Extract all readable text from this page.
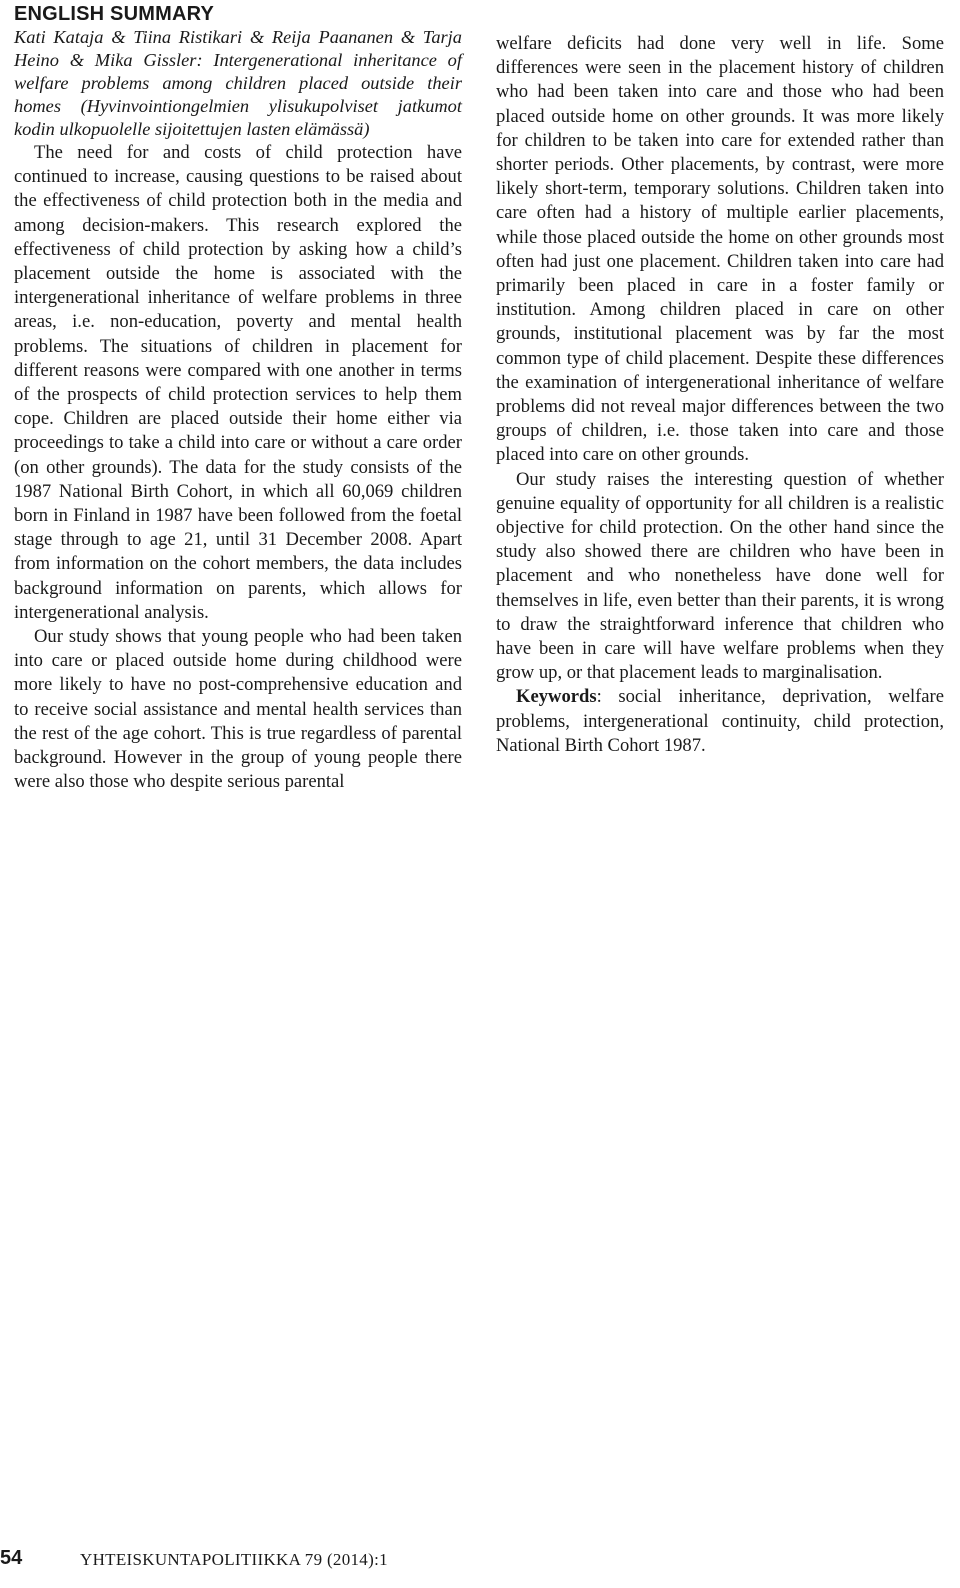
ENGLISH SUMMARY

Kati Kataja & Tiina Ristikari & Reija Paananen & Tarja Heino & Mika Gissler: Intergenerational inheritance of welfare problems among children placed outside their homes (Hyvinvointiongelmien ylisukupolviset jatkumot kodin ulkopuolelle sijoitettujen lasten elämässä)

The need for and costs of child protection have continued to increase, causing questions to be raised about the effectiveness of child protection both in the media and among decision-makers. This research explored the effectiveness of child protection by asking how a child’s placement outside the home is associated with the intergenerational inheritance of welfare problems in three areas, i.e. non-education, poverty and mental health problems. The situations of children in placement for different reasons were compared with one another in terms of the prospects of child protection services to help them cope. Children are placed outside their home either via proceedings to take a child into care or without a care order (on other grounds). The data for the study consists of the 1987 National Birth Cohort, in which all 60,069 children born in Finland in 1987 have been followed from the foetal stage through to age 21, until 31 December 2008. Apart from information on the cohort members, the data includes background information on parents, which allows for intergenerational analysis.

Our study shows that young people who had been taken into care or placed outside home during childhood were more likely to have no post-comprehensive education and to receive social assistance and mental health services than the rest of the age cohort. This is true regardless of parental background. However in the group of young people there were also those who despite serious parental

welfare deficits had done very well in life. Some differences were seen in the placement history of children who had been taken into care and those who had been placed outside home on other grounds. It was more likely for children to be taken into care for extended rather than shorter periods. Other placements, by contrast, were more likely short-term, temporary solutions. Children taken into care often had a history of multiple earlier placements, while those placed outside the home on other grounds most often had just one placement. Children taken into care had primarily been placed in care in a foster family or institution. Among children placed in care on other grounds, institutional placement was by far the most common type of child placement. Despite these differences the examination of intergenerational inheritance of welfare problems did not reveal major differences between the two groups of children, i.e. those taken into care and those placed into care on other grounds.

Our study raises the interesting question of whether genuine equality of opportunity for all children is a realistic objective for child protection. On the other hand since the study also showed there are children who have been in placement and who nonetheless have done well for themselves in life, even better than their parents, it is wrong to draw the straightforward inference that children who have been in care will have welfare problems when they grow up, or that placement leads to marginalisation.

Keywords: social inheritance, deprivation, welfare problems, intergenerational continuity, child protection, National Birth Cohort 1987.

54	YHTEISKUNTAPOLITIIKKA 79 (2014):1
